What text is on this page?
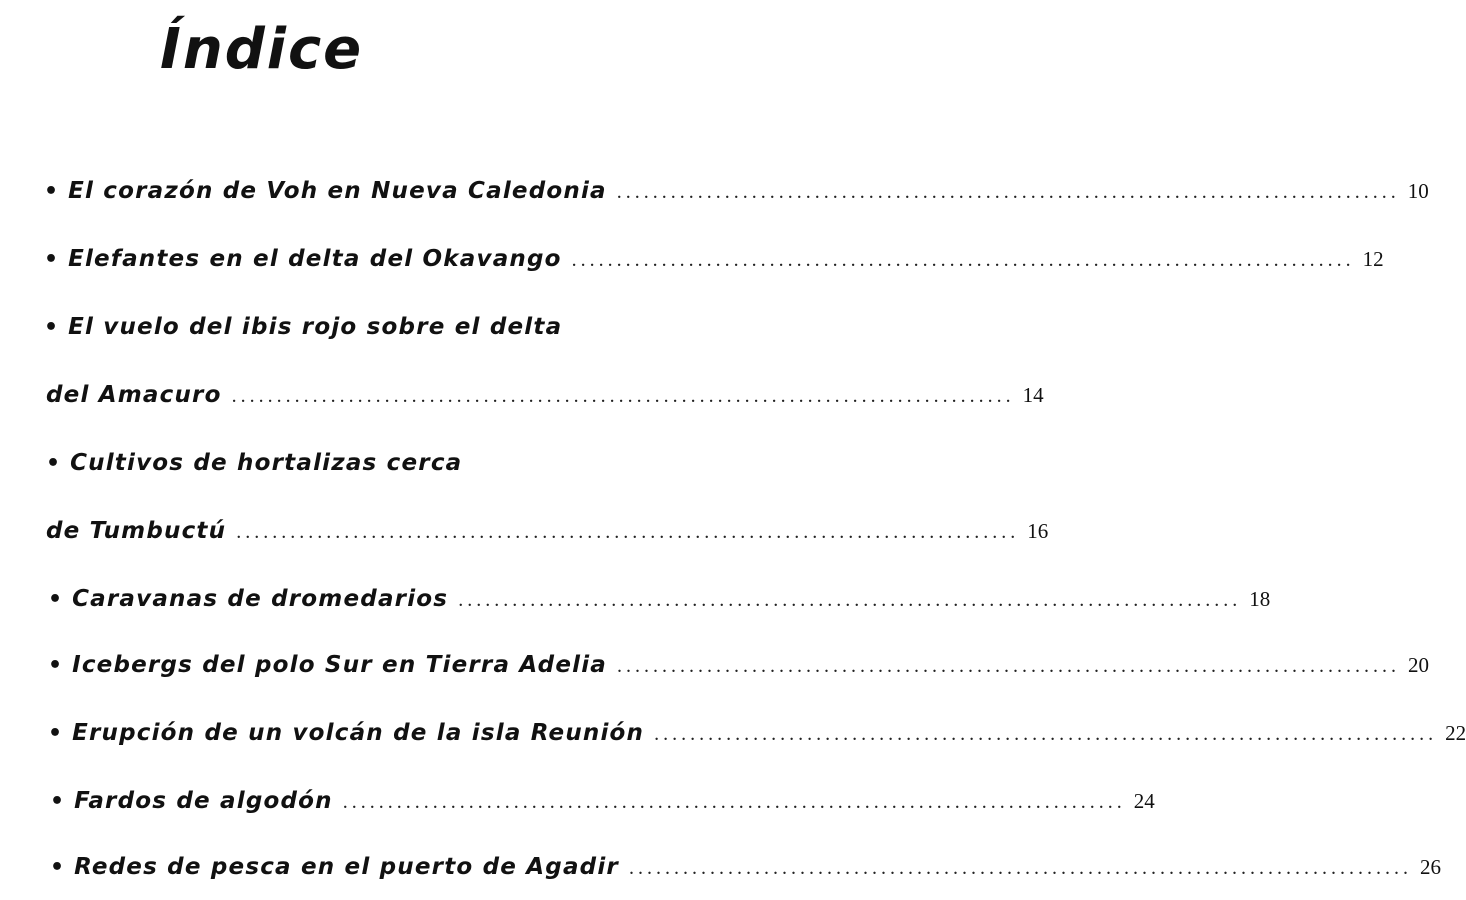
Índice
• El corazón de Voh en Nueva Caledonia ....................................................................................... 10
• Elefantes en el delta del Okavango ....................................................................................... 12
• El vuelo del ibis rojo sobre el delta
del Amacuro ....................................................................................... 14
• Cultivos de hortalizas cerca
de Tumbuctú ....................................................................................... 16
• Caravanas de dromedarios ....................................................................................... 18
• Icebergs del polo Sur en Tierra Adelia ....................................................................................... 20
• Erupción de un volcán de la isla Reunión ....................................................................................... 22
• Fardos de algodón ....................................................................................... 24
• Redes de pesca en el puerto de Agadir ....................................................................................... 26
